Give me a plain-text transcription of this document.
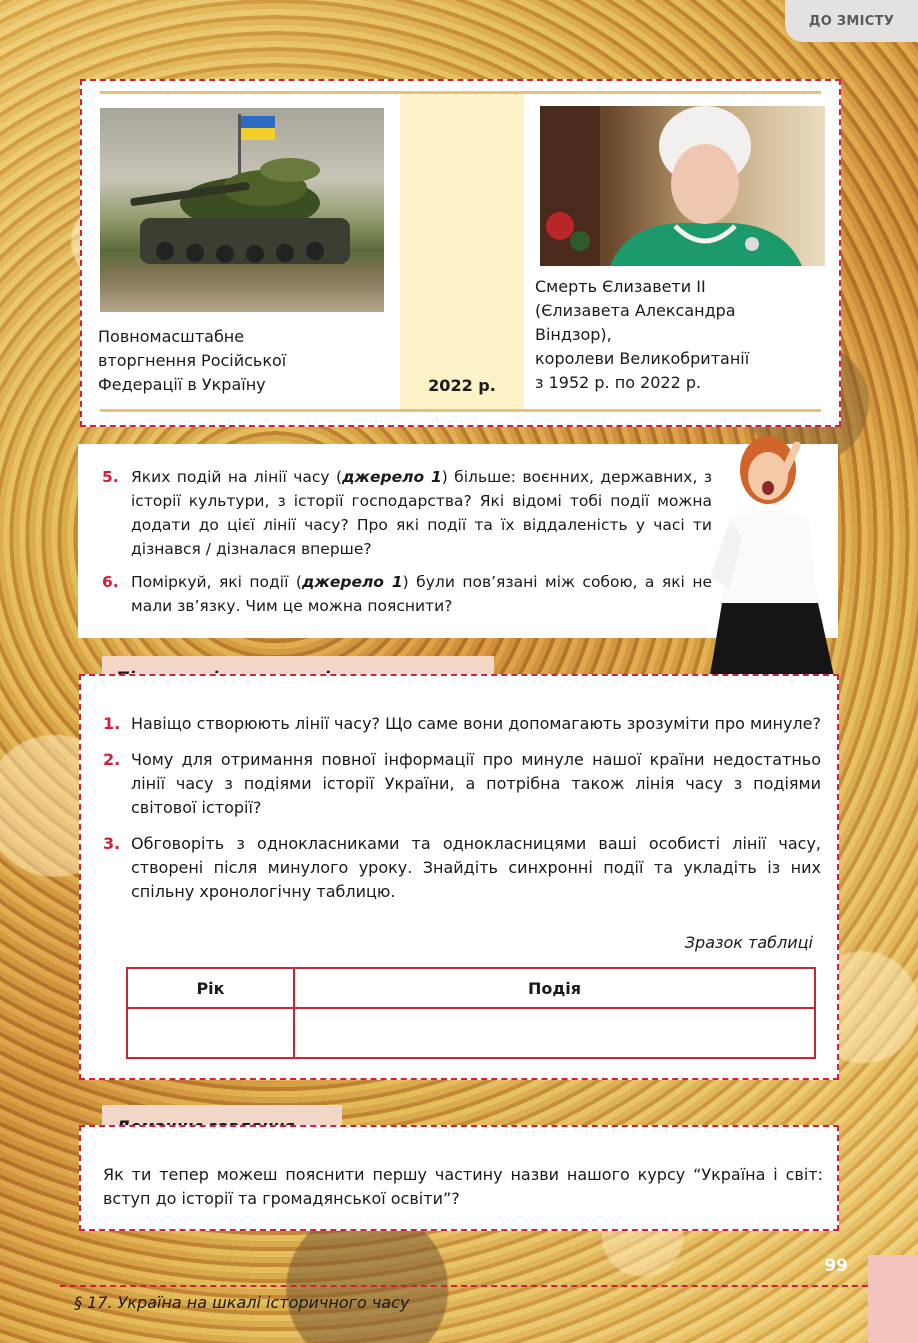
ДО ЗМІСТУ
Повномасштабне
вторгнення Російської
Федерації в Україну	2022 р.
Смерть Єлизавети ІІ
(Єлизавета Александра
Віндзор),
королеви Великобританії
з 1952 р. по 2022 р.
5. Яких подій на лінії часу (джерело 1) більше: воєнних, державних, з історії культури, з історії господарства? Які відомі тобі події можна додати до цієї лінії часу? Про які події та їх віддаленість у часі ти дізнався / дізналася вперше?
6. Поміркуй, які події (джерело 1) були пов’язані між собою, а які не мали зв’язку. Чим це можна пояснити?
1. Навіщо створюють лінії часу? Що саме вони допомагають зрозуміти про минуле?
2. Чому для отримання повної інформації про минуле нашої країни недостатньо лінії часу з подіями історії України, а потрібна також лінія часу з подіями світової історії?
3. Обговоріть з однокласниками та однокласницями ваші особисті лінії часу, створені після минулого уроку. Знайдіть синхронні події та укладіть із них спільну хронологічну таблицю.
Зразок таблиці
Рік	Подія

Як ти тепер можеш пояснити першу частину назви нашого курсу “Україна і світ: вступ до історії та громадянської освіти”?
99
§ 17. Україна на шкалі історичного часу
